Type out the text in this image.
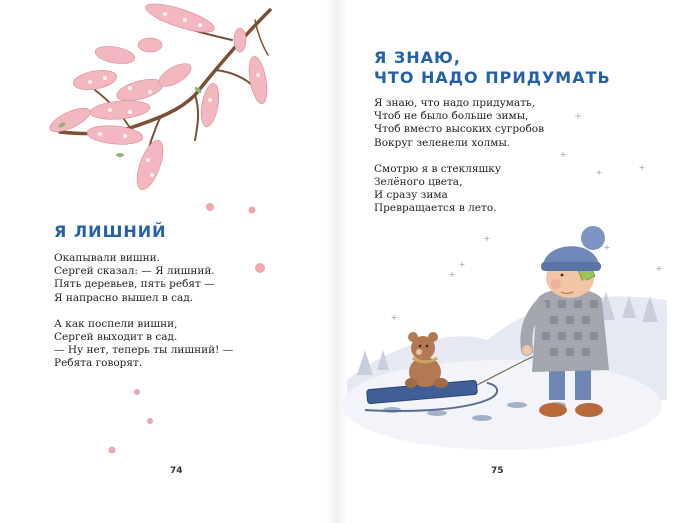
Я ЛИШНИЙ

Окапывали вишни.
Сергей сказал: — Я лишний.
Пять деревьев, пять ребят —
Я напрасно вышел в сад.

А как поспели вишни,
Сергей выходит в сад.
— Ну нет, теперь ты лишний! —
Ребята говорят.

74
Я ЗНАЮ,
ЧТО НАДО ПРИДУМАТЬ

Я знаю, что надо придумать,
Чтоб не было больше зимы,
Чтоб вместо высоких сугробов
Вокруг зеленели холмы.

Смотрю я в стекляшку
Зелёного цвета,
И сразу зима
Превращается в лето.

75
